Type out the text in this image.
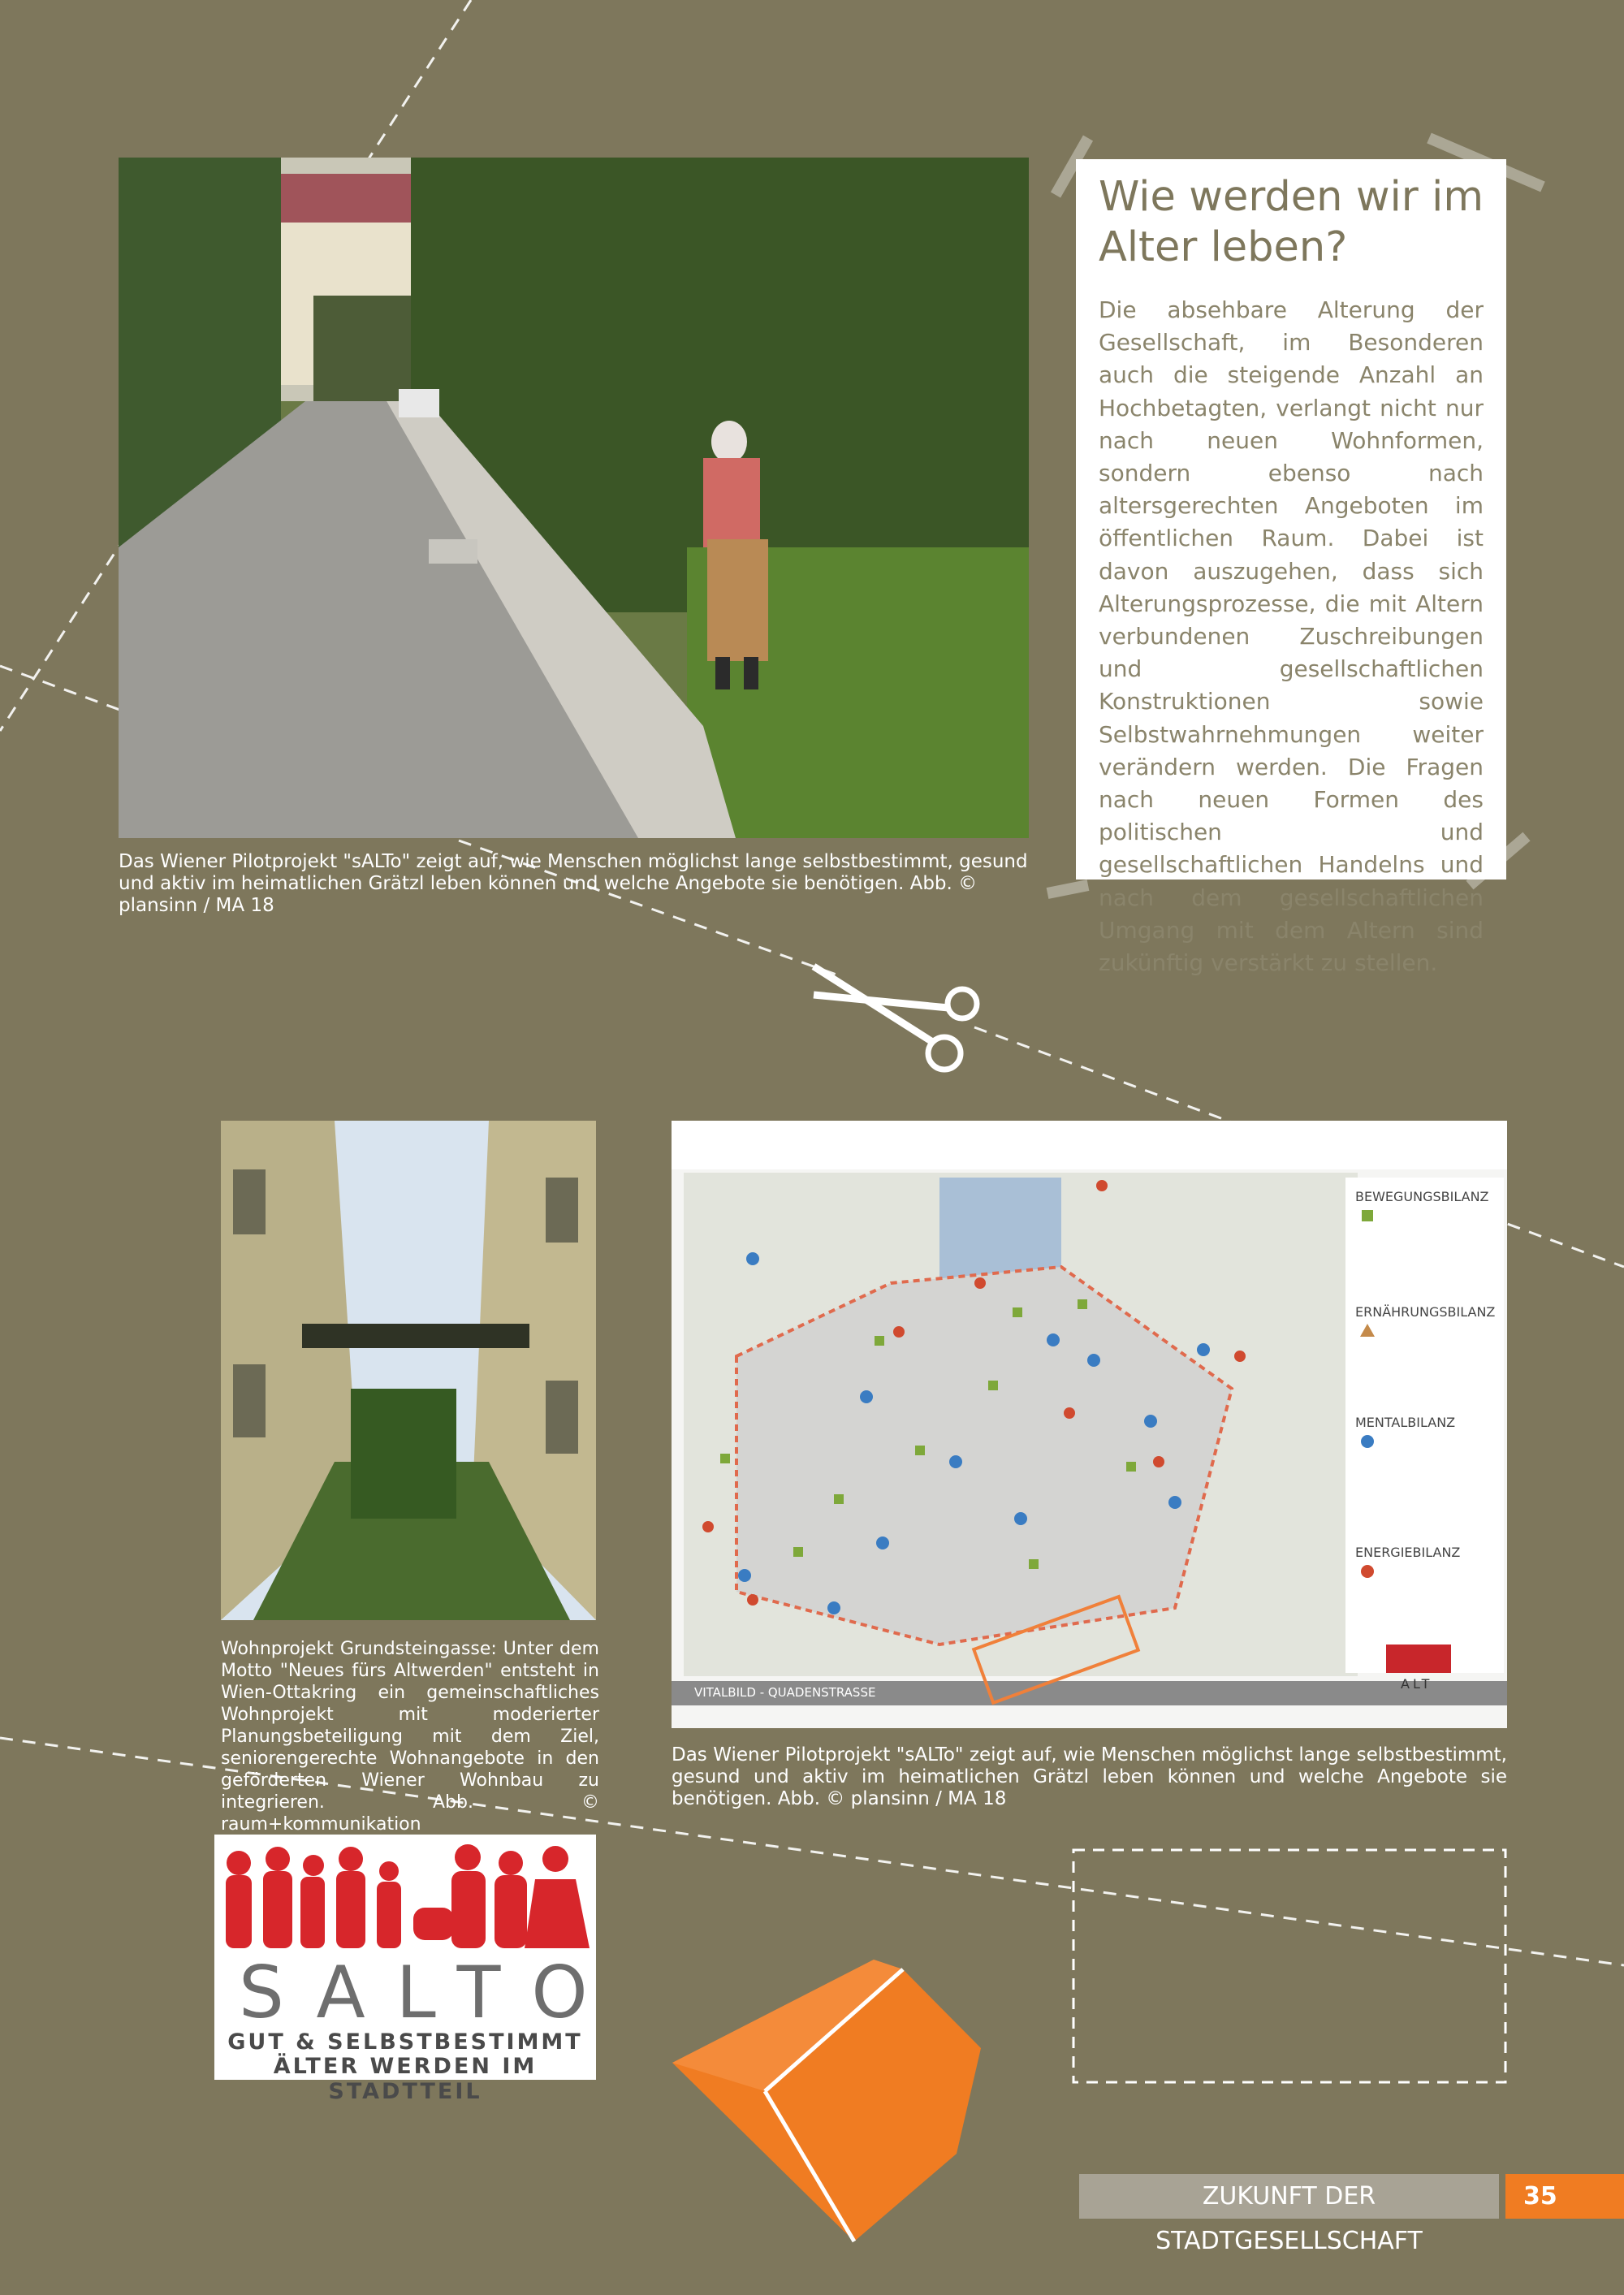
Das Wiener Pilotprojekt "sALTo" zeigt auf, wie Menschen möglichst lange selbstbestimmt, gesund und aktiv im heimatlichen Grätzl leben können und welche Angebote sie benötigen. Abb. © plansinn / MA 18
Wie werden wir im Alter leben?

Die absehbare Alterung der Gesellschaft, im Besonderen auch die steigende Anzahl an Hochbetagten, verlangt nicht nur nach neuen Wohnformen, sondern ebenso nach altersgerechten Angeboten im öffentlichen Raum. Dabei ist davon auszugehen, dass sich Alterungsprozesse, die mit Altern verbundenen Zuschreibungen und gesellschaftlichen Konstruktionen sowie Selbstwahrnehmungen weiter verändern werden. Die Fragen nach neuen Formen des politischen und gesellschaftlichen Handelns und nach dem gesellschaftlichen Umgang mit dem Altern sind zukünftig verstärkt zu stellen.

Wohnprojekt Grundsteingasse: Unter dem Motto "Neues fürs Altwerden" entsteht in Wien-Ottakring ein gemeinschaftliches Wohnprojekt mit moderierter Planungsbeteiligung mit dem Ziel, seniorengerechte Wohnangebote in den geförderten Wiener Wohnbau zu integrieren. Abb. © raum+kommunikation
BEWEGUNGSBILANZ
ERNÄHRUNGSBILANZ
MENTALBILANZ
ENERGIEBILANZ
VITALBILD - QUADENSTRASSE
ALT
Das Wiener Pilotprojekt "sALTo" zeigt auf, wie Menschen möglichst lange selbstbestimmt, gesund und aktiv im heimatlichen Grätzl leben können und welche Angebote sie benötigen. Abb. © plansinn / MA 18
SALTO
GUT & SELBSTBESTIMMT
ÄLTER WERDEN IM STADTTEIL
ZUKUNFT DER STADTGESELLSCHAFT
35
